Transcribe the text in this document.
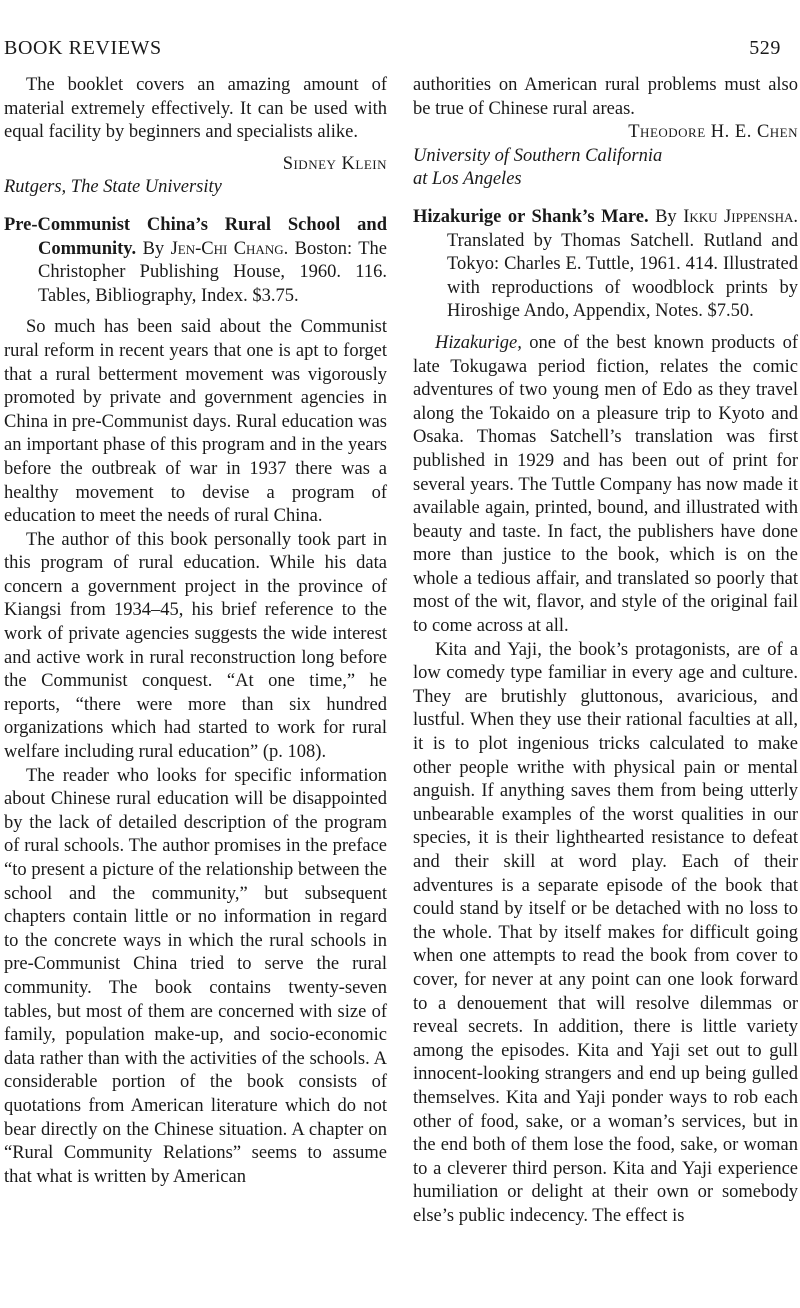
BOOK REVIEWS	529

The booklet covers an amazing amount of material extremely effectively. It can be used with equal facility by beginners and specialists alike.

Sidney Klein

Rutgers, The State University

Pre-Communist China’s Rural School and Community. By Jen-Chi Chang. Boston: The Christopher Publishing House, 1960. 116. Tables, Bibliography, Index. $3.75.

So much has been said about the Communist rural reform in recent years that one is apt to forget that a rural betterment movement was vigorously promoted by private and government agencies in China in pre-Communist days. Rural education was an important phase of this program and in the years before the outbreak of war in 1937 there was a healthy movement to devise a program of education to meet the needs of rural China.

The author of this book personally took part in this program of rural education. While his data concern a government project in the province of Kiangsi from 1934–45, his brief reference to the work of private agencies suggests the wide interest and active work in rural reconstruction long before the Communist conquest. “At one time,” he reports, “there were more than six hundred organizations which had started to work for rural welfare including rural education” (p. 108).

The reader who looks for specific information about Chinese rural education will be disappointed by the lack of detailed description of the program of rural schools. The author promises in the preface “to present a picture of the relationship between the school and the community,” but subsequent chapters contain little or no information in regard to the concrete ways in which the rural schools in pre-Communist China tried to serve the rural community. The book contains twenty-seven tables, but most of them are concerned with size of family, population make-up, and socio-economic data rather than with the activities of the schools. A considerable portion of the book consists of quotations from American literature which do not bear directly on the Chinese situation. A chapter on “Rural Community Relations” seems to assume that what is written by American

authorities on American rural problems must also be true of Chinese rural areas.

Theodore H. E. Chen

University of Southern California

at Los Angeles

Hizakurige or Shank’s Mare. By Ikku Jippensha. Translated by Thomas Satchell. Rutland and Tokyo: Charles E. Tuttle, 1961. 414. Illustrated with reproductions of woodblock prints by Hiroshige Ando, Appendix, Notes. $7.50.

Hizakurige, one of the best known products of late Tokugawa period fiction, relates the comic adventures of two young men of Edo as they travel along the Tokaido on a pleasure trip to Kyoto and Osaka. Thomas Satchell’s translation was first published in 1929 and has been out of print for several years. The Tuttle Company has now made it available again, printed, bound, and illustrated with beauty and taste. In fact, the publishers have done more than justice to the book, which is on the whole a tedious affair, and translated so poorly that most of the wit, flavor, and style of the original fail to come across at all.

Kita and Yaji, the book’s protagonists, are of a low comedy type familiar in every age and culture. They are brutishly gluttonous, avaricious, and lustful. When they use their rational faculties at all, it is to plot ingenious tricks calculated to make other people writhe with physical pain or mental anguish. If anything saves them from being utterly unbearable examples of the worst qualities in our species, it is their lighthearted resistance to defeat and their skill at word play. Each of their adventures is a separate episode of the book that could stand by itself or be detached with no loss to the whole. That by itself makes for difficult going when one attempts to read the book from cover to cover, for never at any point can one look forward to a denouement that will resolve dilemmas or reveal secrets. In addition, there is little variety among the episodes. Kita and Yaji set out to gull innocent-looking strangers and end up being gulled themselves. Kita and Yaji ponder ways to rob each other of food, sake, or a woman’s services, but in the end both of them lose the food, sake, or woman to a cleverer third person. Kita and Yaji experience humiliation or delight at their own or somebody else’s public indecency. The effect is
